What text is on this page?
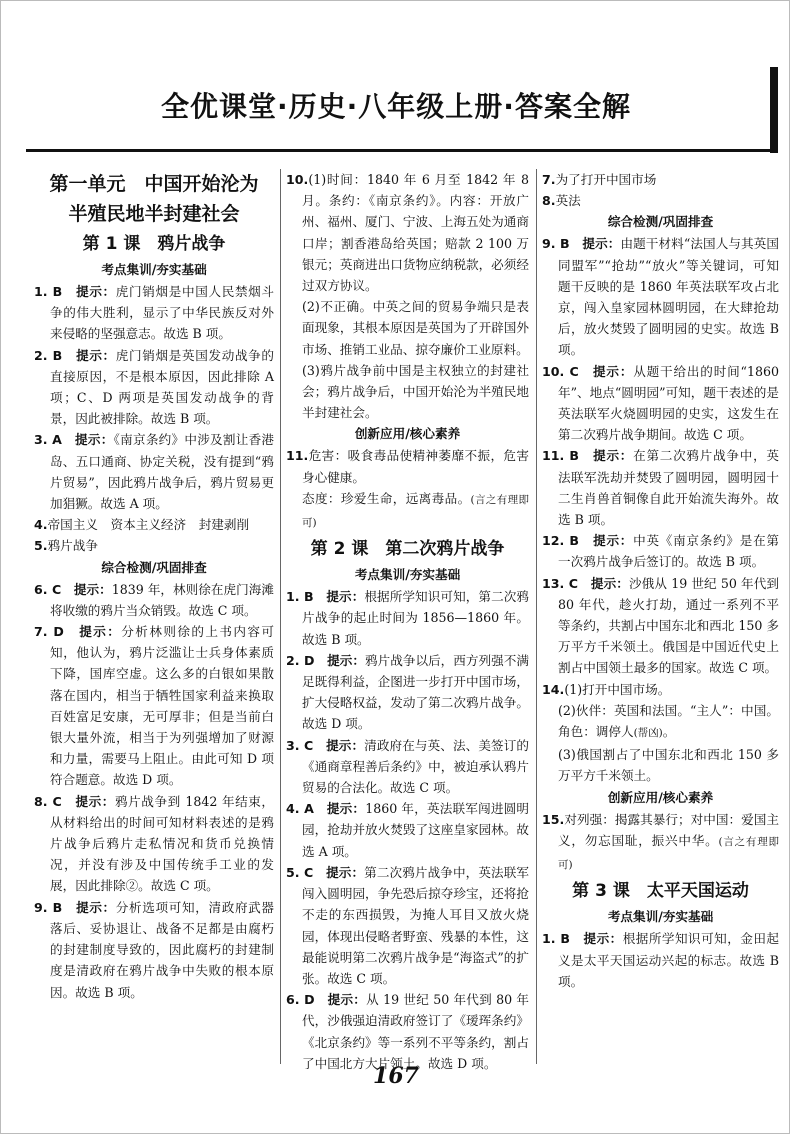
全优课堂·历史·八年级上册·答案全解
第一单元　中国开始沦为
半殖民地半封建社会
第 1 课　鸦片战争
考点集训/夯实基础

1. B　 提示：虎门销烟是中国人民禁烟斗争的伟大胜利，显示了中华民族反对外来侵略的坚强意志。故选 B 项。

2. B　 提示：虎门销烟是英国发动战争的直接原因，不是根本原因，因此排除 A 项；C、D 两项是英国发动战争的背景，因此被排除。故选 B 项。

3. A　 提示：《南京条约》中涉及割让香港岛、五口通商、协定关税，没有提到“鸦片贸易”，因此鸦片战争后，鸦片贸易更加猖獗。故选 A 项。

4.帝国主义　资本主义经济　封建剥削

5.鸦片战争

综合检测/巩固排查

6. C　 提示：1839 年，林则徐在虎门海滩将收缴的鸦片当众销毁。故选 C 项。

7. D　 提示：分析林则徐的上书内容可知，他认为，鸦片泛滥让士兵身体素质下降，国库空虚。这么多的白银如果散落在国内，相当于牺牲国家利益来换取百姓富足安康，无可厚非；但是当前白银大量外流，相当于为列强增加了财源和力量，需要马上阻止。由此可知 D 项符合题意。故选 D 项。

8. C　 提示：鸦片战争到 1842 年结束，从材料给出的时间可知材料表述的是鸦片战争后鸦片走私情况和货币兑换情况，并没有涉及中国传统手工业的发展，因此排除②。故选 C 项。

9. B　 提示：分析选项可知，清政府武器落后、妥协退让、战备不足都是由腐朽的封建制度导致的，因此腐朽的封建制度是清政府在鸦片战争中失败的根本原因。故选 B 项。

10.(1)时间：1840 年 6 月至 1842 年 8 月。条约：《南京条约》。内容：开放广州、福州、厦门、宁波、上海五处为通商口岸；割香港岛给英国；赔款 2 100 万银元；英商进出口货物应纳税款，必须经过双方协议。

(2)不正确。中英之间的贸易争端只是表面现象，其根本原因是英国为了开辟国外市场、推销工业品、掠夺廉价工业原料。

(3)鸦片战争前中国是主权独立的封建社会；鸦片战争后，中国开始沦为半殖民地半封建社会。

创新应用/核心素养

11.危害：吸食毒品使精神萎靡不振，危害身心健康。

态度：珍爱生命，远离毒品。(言之有理即可)

第 2 课　第二次鸦片战争
考点集训/夯实基础

1. B　 提示：根据所学知识可知，第二次鸦片战争的起止时间为 1856—1860 年。故选 B 项。

2. D　 提示：鸦片战争以后，西方列强不满足既得利益，企图进一步打开中国市场，扩大侵略权益，发动了第二次鸦片战争。故选 D 项。

3. C　 提示：清政府在与英、法、美签订的《通商章程善后条约》中，被迫承认鸦片贸易的合法化。故选 C 项。

4. A　 提示：1860 年，英法联军闯进圆明园，抢劫并放火焚毁了这座皇家园林。故选 A 项。

5. C　 提示：第二次鸦片战争中，英法联军闯入圆明园，争先恐后掠夺珍宝，还将抢不走的东西损毁，为掩人耳目又放火烧园，体现出侵略者野蛮、残暴的本性，这最能说明第二次鸦片战争是“海盗式”的扩张。故选 C 项。

6. D　 提示：从 19 世纪 50 年代到 80 年代，沙俄强迫清政府签订了《瑷珲条约》《北京条约》等一系列不平等条约，割占了中国北方大片领土。故选 D 项。

7.为了打开中国市场

8.英法

综合检测/巩固排查

9. B　 提示：由题干材料“法国人与其英国同盟军”“抢劫”“放火”等关键词，可知题干反映的是 1860 年英法联军攻占北京，闯入皇家园林圆明园，在大肆抢劫后，放火焚毁了圆明园的史实。故选 B 项。

10. C　 提示：从题干给出的时间“1860 年”、地点“圆明园”可知，题干表述的是英法联军火烧圆明园的史实，这发生在第二次鸦片战争期间。故选 C 项。

11. B　 提示：在第二次鸦片战争中，英法联军洗劫并焚毁了圆明园，圆明园十二生肖兽首铜像自此开始流失海外。故选 B 项。

12. B　 提示：中英《南京条约》是在第一次鸦片战争后签订的。故选 B 项。

13. C　 提示：沙俄从 19 世纪 50 年代到 80 年代，趁火打劫，通过一系列不平等条约，共割占中国东北和西北 150 多万平方千米领土。俄国是中国近代史上割占中国领土最多的国家。故选 C 项。

14.(1)打开中国市场。

(2)伙伴：英国和法国。“主人”：中国。角色：调停人(帮凶)。

(3)俄国割占了中国东北和西北 150 多万平方千米领土。

创新应用/核心素养

15.对列强：揭露其暴行；对中国：爱国主义，勿忘国耻，振兴中华。(言之有理即可)

第 3 课　太平天国运动
考点集训/夯实基础

1. B　 提示：根据所学知识可知，金田起义是太平天国运动兴起的标志。故选 B 项。

167
